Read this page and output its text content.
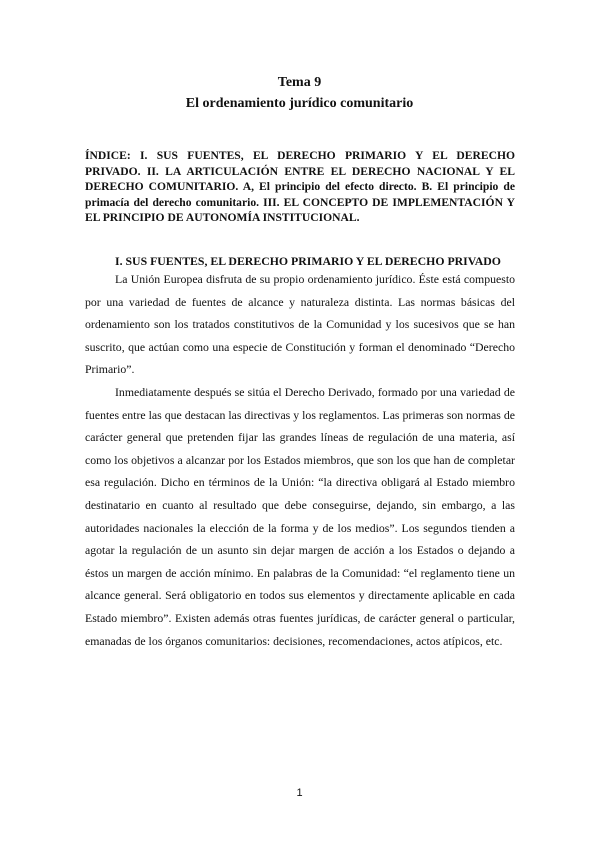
Tema 9
El ordenamiento jurídico comunitario
ÍNDICE: I. SUS FUENTES, EL DERECHO PRIMARIO Y EL DERECHO PRIVADO. II. LA ARTICULACIÓN ENTRE EL DERECHO NACIONAL Y EL DERECHO COMUNITARIO. A, El principio del efecto directo. B. El principio de primacía del derecho comunitario. III. EL CONCEPTO DE IMPLEMENTACIÓN Y EL PRINCIPIO DE AUTONOMÍA INSTITUCIONAL.
I. SUS FUENTES, EL DERECHO PRIMARIO Y EL DERECHO PRIVADO

La Unión Europea disfruta de su propio ordenamiento jurídico. Éste está compuesto por una variedad de fuentes de alcance y naturaleza distinta. Las normas básicas del ordenamiento son los tratados constitutivos de la Comunidad y los sucesivos que se han suscrito, que actúan como una especie de Constitución y forman el denominado “Derecho Primario”.

Inmediatamente después se sitúa el Derecho Derivado, formado por una variedad de fuentes entre las que destacan las directivas y los reglamentos. Las primeras son normas de carácter general que pretenden fijar las grandes líneas de regulación de una materia, así como los objetivos a alcanzar por los Estados miembros, que son los que han de completar esa regulación. Dicho en términos de la Unión: “la directiva obligará al Estado miembro destinatario en cuanto al resultado que debe conseguirse, dejando, sin embargo, a las autoridades nacionales la elección de la forma y de los medios”. Los segundos tienden a agotar la regulación de un asunto sin dejar margen de acción a los Estados o dejando a éstos un margen de acción mínimo. En palabras de la Comunidad: “el reglamento tiene un alcance general. Será obligatorio en todos sus elementos y directamente aplicable en cada Estado miembro”. Existen además otras fuentes jurídicas, de carácter general o particular, emanadas de los órganos comunitarios: decisiones, recomendaciones, actos atípicos, etc.

1
